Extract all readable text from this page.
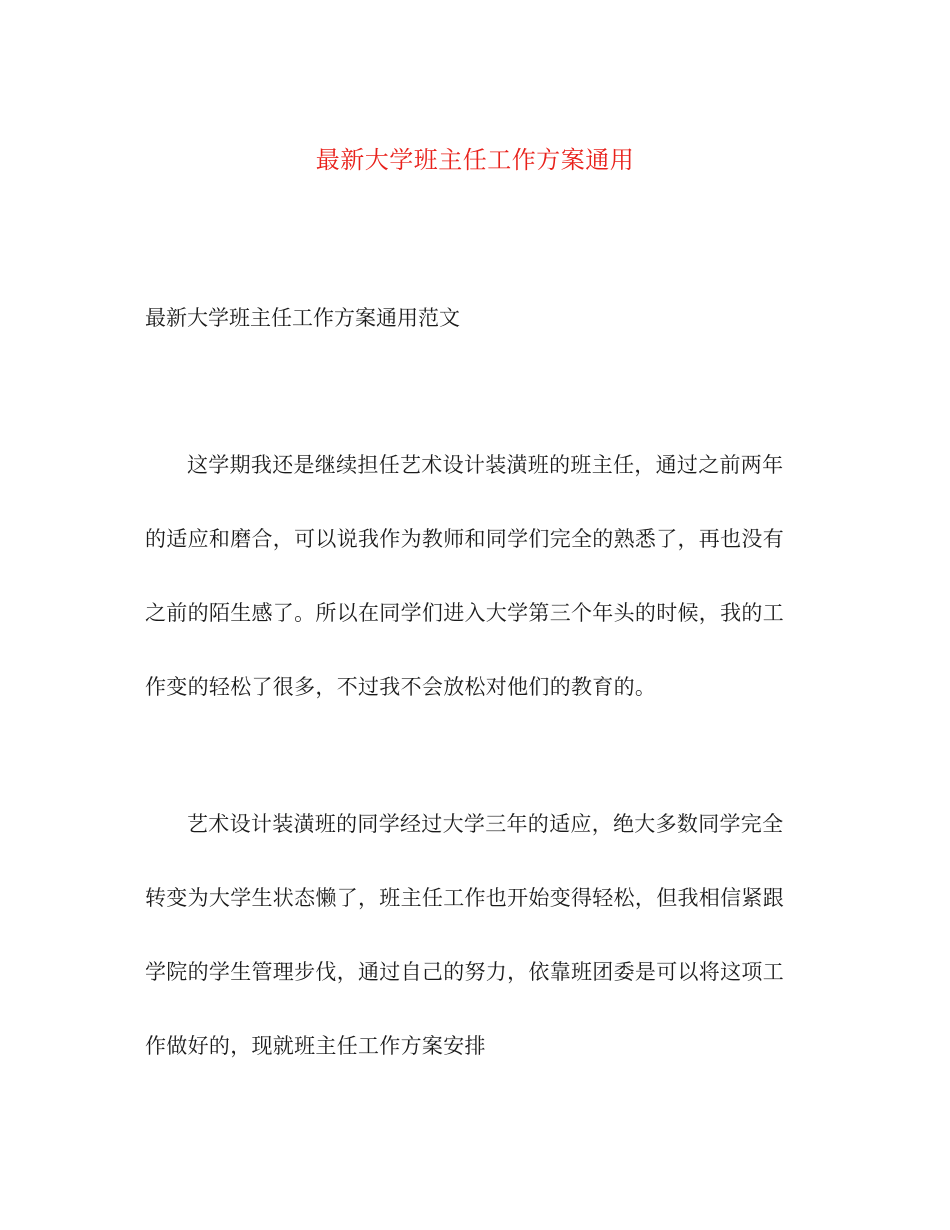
最新大学班主任工作方案通用
最新大学班主任工作方案通用范文

这学期我还是继续担任艺术设计装潢班的班主任，通过之前两年
的适应和磨合，可以说我作为教师和同学们完全的熟悉了，再也没有
之前的陌生感了。所以在同学们进入大学第三个年头的时候，我的工
作变的轻松了很多，不过我不会放松对他们的教育的。

艺术设计装潢班的同学经过大学三年的适应，绝大多数同学完全
转变为大学生状态懒了，班主任工作也开始变得轻松，但我相信紧跟
学院的学生管理步伐，通过自己的努力，依靠班团委是可以将这项工
作做好的，现就班主任工作方案安排
